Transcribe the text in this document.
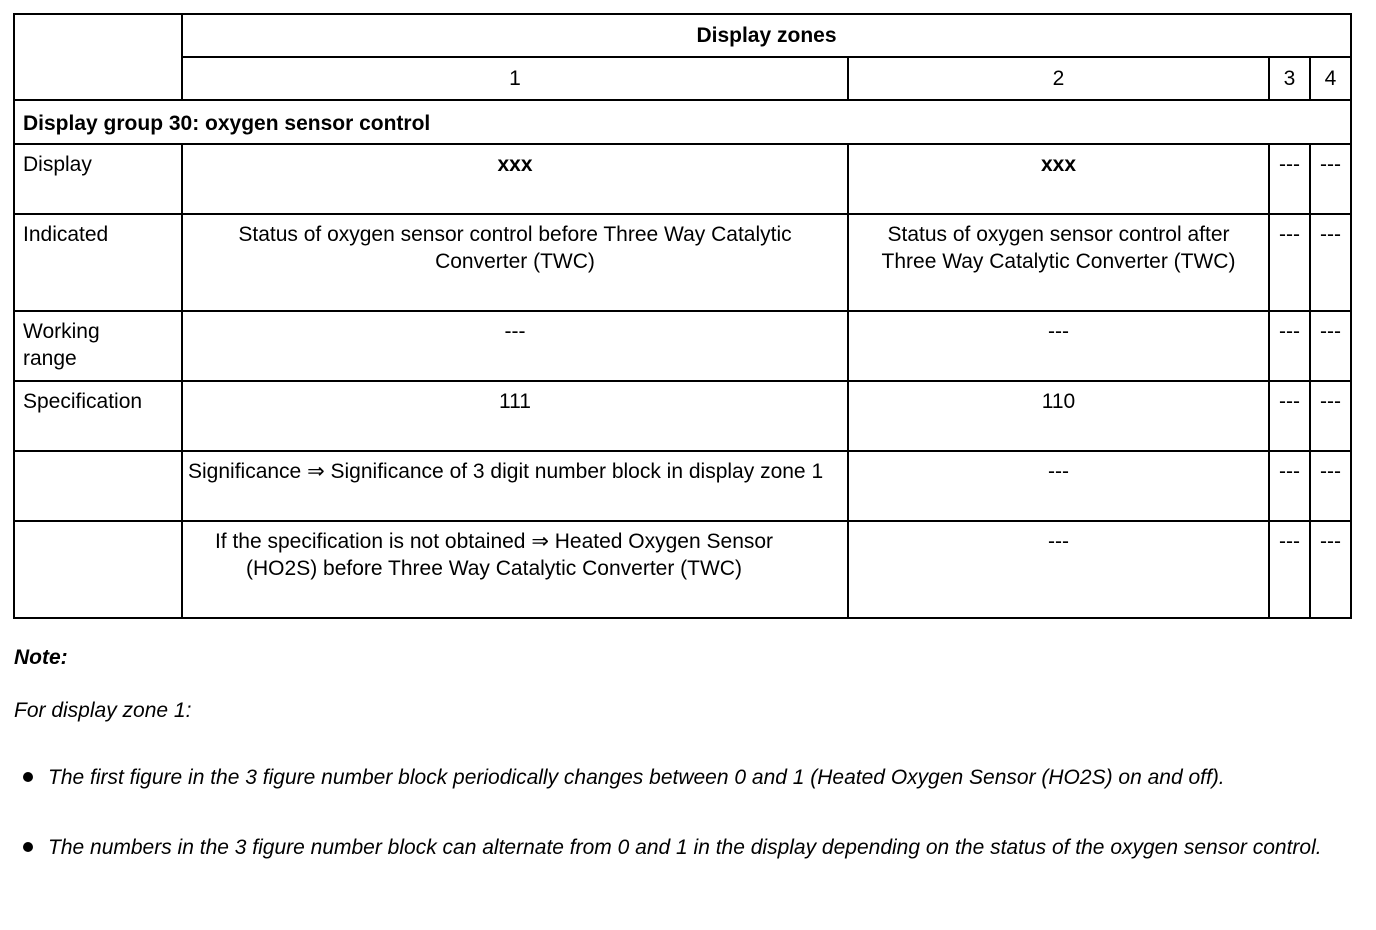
	Display zones			
	1	2	3	4
Display group 30: oxygen sensor control				
Display	xxx	xxx	---	---
Indicated	Status of oxygen sensor control before Three Way Catalytic Converter (TWC)	Status of oxygen sensor control after Three Way Catalytic Converter (TWC)	---	---
Working range	---	---	---	---
Specification	111	110	---	---
	Significance ⇒ Significance of 3 digit number block in display zone 1	---	---	---
	If the specification is not obtained ⇒ Heated Oxygen Sensor (HO2S) before Three Way Catalytic Converter (TWC)	---	---	---
Note:
For display zone 1:
The first figure in the 3 figure number block periodically changes between 0 and 1 (Heated Oxygen Sensor (HO2S) on and off).
The numbers in the 3 figure number block can alternate from 0 and 1 in the display depending on the status of the oxygen sensor control.
